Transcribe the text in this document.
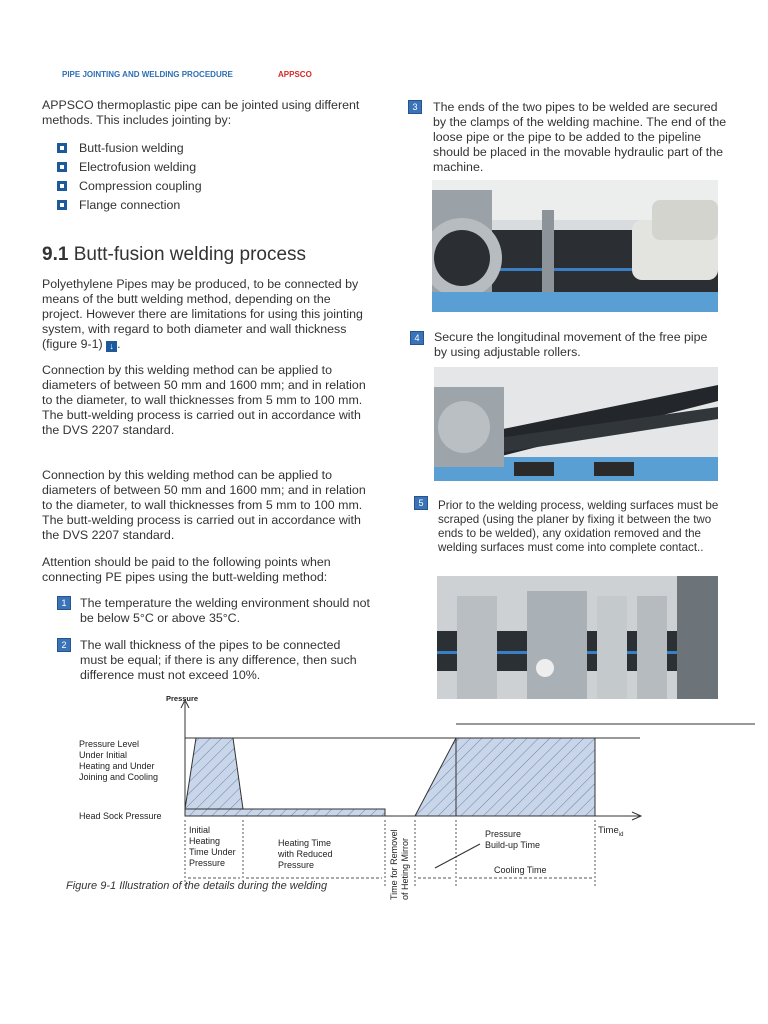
PIPE JOINTING AND WELDING PROCEDURE	APPSCO
APPSCO thermoplastic pipe can be jointed using different methods. This includes jointing by:
Butt-fusion welding
Electrofusion welding
Compression coupling
Flange connection
9.1 Butt-fusion welding process
Polyethylene Pipes may be produced, to be connected by means of the butt welding method, depending on the project. However there are limitations for using this jointing system, with regard to both diameter and wall thickness (figure 9-1) ↓ .
Connection by this welding method can be applied to diameters of between 50 mm and 1600 mm; and in relation to the diameter, to wall thicknesses from 5 mm to 100 mm. The butt-welding process is carried out in accordance with the DVS 2207 standard.
Connection by this welding method can be applied to diameters of between 50 mm and 1600 mm; and in relation to the diameter, to wall thicknesses from 5 mm to 100 mm. The butt-welding process is carried out in accordance with the DVS 2207 standard.
Attention should be paid to the following points when connecting PE pipes using the butt-welding method:
1	The temperature the welding environment should not be below 5°C or above 35°C.
2	The wall thickness of the pipes to be connected must be equal; if there is any difference, then such difference must not exceed 10%.
3	The ends of the two pipes to be welded are secured by the clamps of the welding machine. The end of the loose pipe or the pipe to be added to the pipeline should be placed in the movable hydraulic part of the machine.
4	Secure the longitudinal movement of the free pipe by using adjustable rollers.
5	Prior to the welding process, welding surfaces must be scraped (using the planer by fixing it between the two ends to be welded), any oxidation removed and the welding surfaces must come into complete contact..
Pressure
Time$_{id}$
Pressure Level Under Initial Heating and Under Joining and Cooling
Head Sock Pressure
Initial Heating Time Under Pressure
Heating Time with Reduced Pressure	Time for Removel of Heting Mirror
Pressure Build-up Time
Cooling Time
Figure 9-1 Illustration of the details during the welding
